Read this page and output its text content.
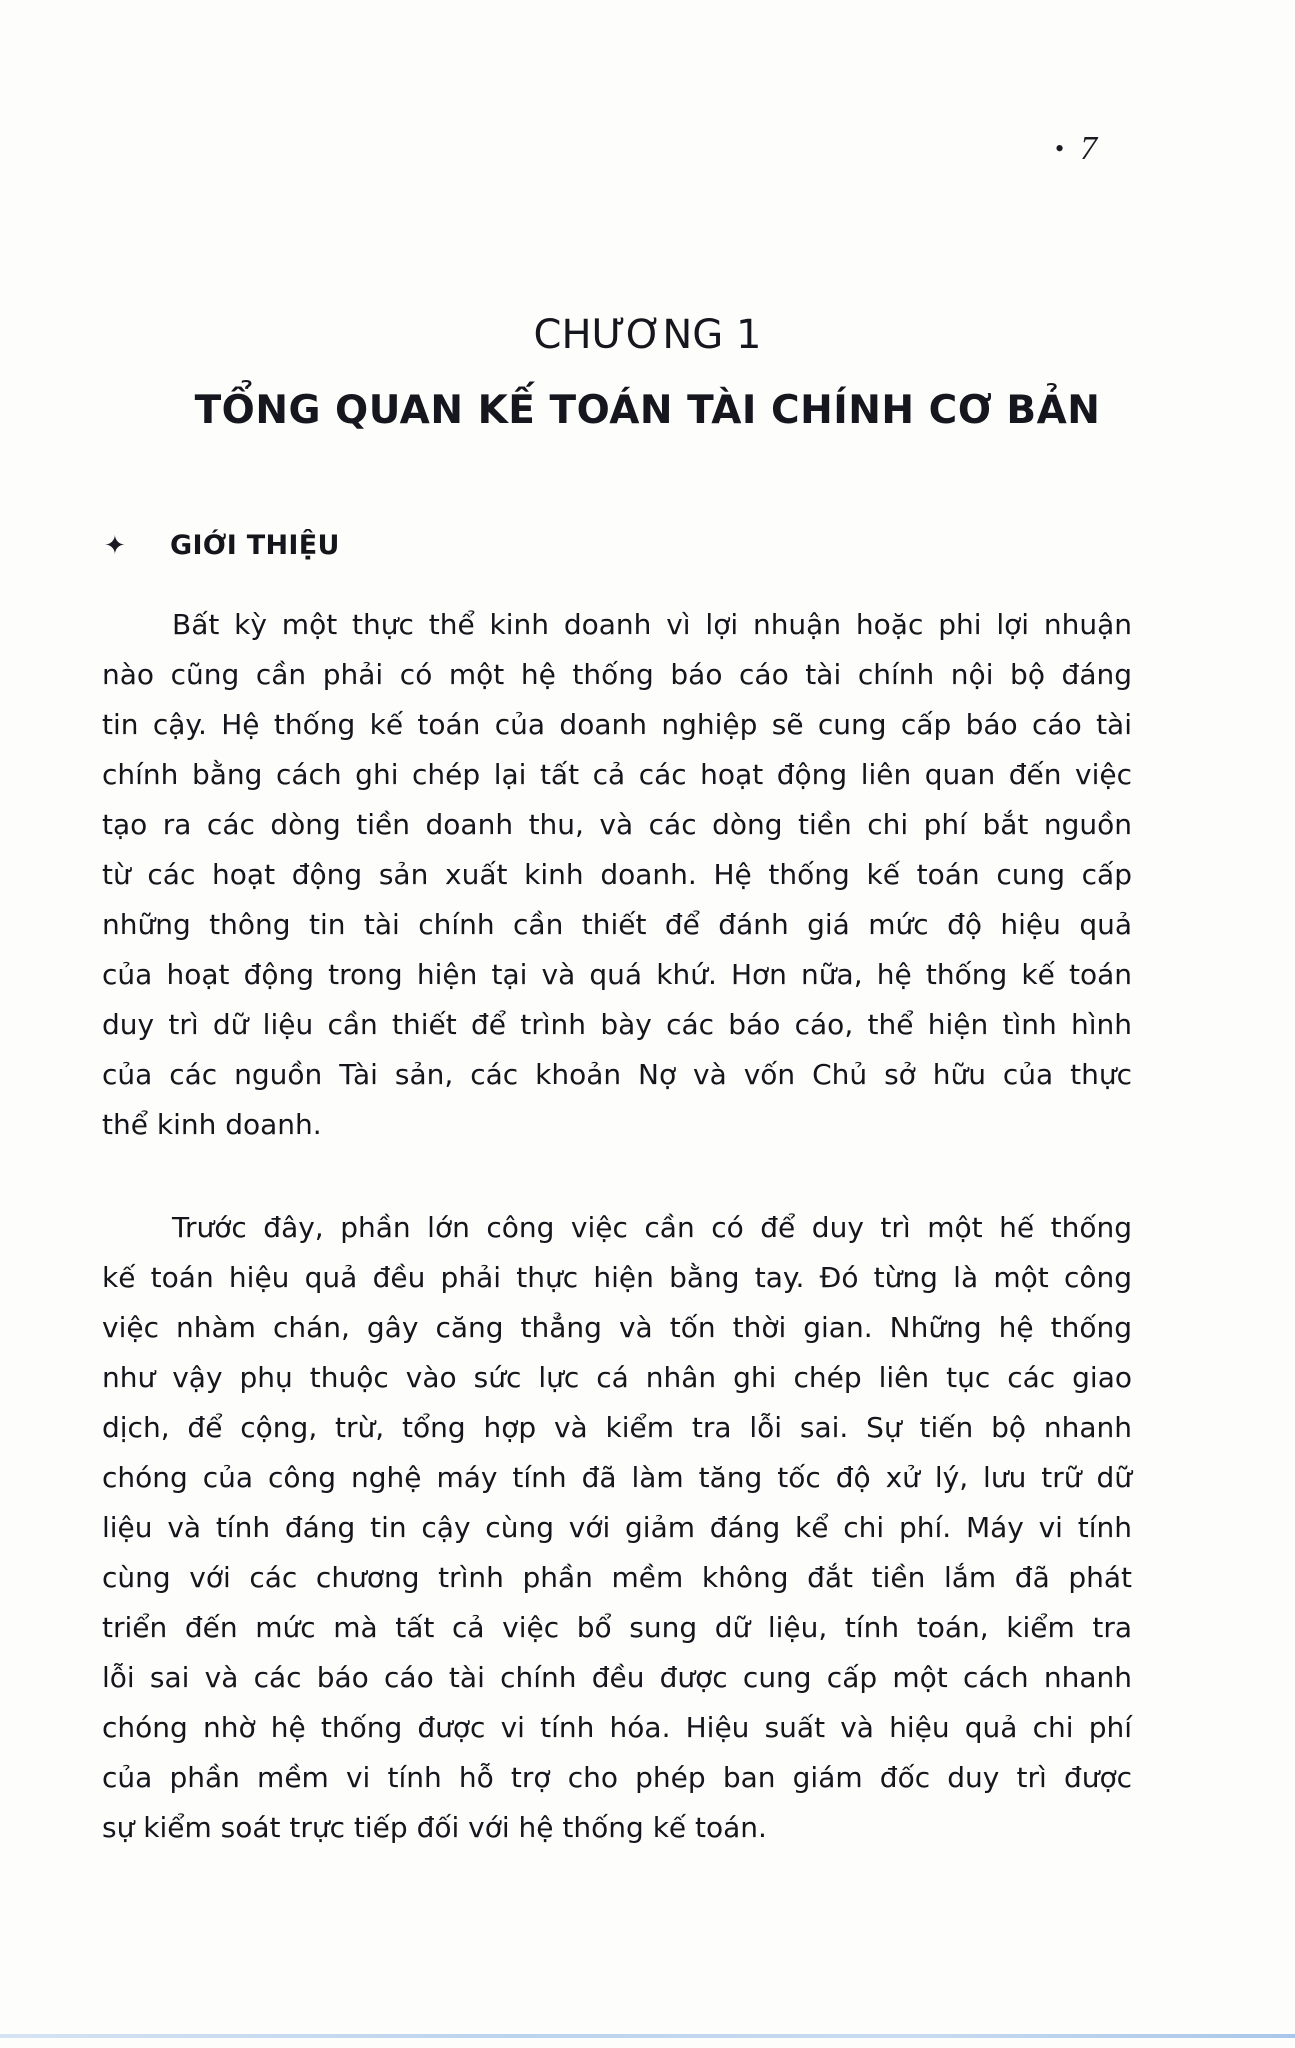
• 7
CHƯƠNG 1
TỔNG QUAN KẾ TOÁN TÀI CHÍNH CƠ BẢN
✦	GIỚI THIỆU

Bất kỳ một thực thể kinh doanh vì lợi nhuận hoặc phi lợi nhuận
nào cũng cần phải có một hệ thống báo cáo tài chính nội bộ đáng
tin cậy. Hệ thống kế toán của doanh nghiệp sẽ cung cấp báo cáo tài
chính bằng cách ghi chép lại tất cả các hoạt động liên quan đến việc
tạo ra các dòng tiền doanh thu, và các dòng tiền chi phí bắt nguồn
từ các hoạt động sản xuất kinh doanh. Hệ thống kế toán cung cấp
những thông tin tài chính cần thiết để đánh giá mức độ hiệu quả
của hoạt động trong hiện tại và quá khứ. Hơn nữa, hệ thống kế toán
duy trì dữ liệu cần thiết để trình bày các báo cáo, thể hiện tình hình
của các nguồn Tài sản, các khoản Nợ và vốn Chủ sở hữu của thực
thể kinh doanh.

Trước đây, phần lớn công việc cần có để duy trì một hế thống
kế toán hiệu quả đều phải thực hiện bằng tay. Đó từng là một công
việc nhàm chán, gây căng thẳng và tốn thời gian. Những hệ thống
như vậy phụ thuộc vào sức lực cá nhân ghi chép liên tục các giao
dịch, để cộng, trừ, tổng hợp và kiểm tra lỗi sai. Sự tiến bộ nhanh
chóng của công nghệ máy tính đã làm tăng tốc độ xử lý, lưu trữ dữ
liệu và tính đáng tin cậy cùng với giảm đáng kể chi phí. Máy vi tính
cùng với các chương trình phần mềm không đắt tiền lắm đã phát
triển đến mức mà tất cả việc bổ sung dữ liệu, tính toán, kiểm tra
lỗi sai và các báo cáo tài chính đều được cung cấp một cách nhanh
chóng nhờ hệ thống được vi tính hóa. Hiệu suất và hiệu quả chi phí
của phần mềm vi tính hỗ trợ cho phép ban giám đốc duy trì được
sự kiểm soát trực tiếp đối với hệ thống kế toán.
